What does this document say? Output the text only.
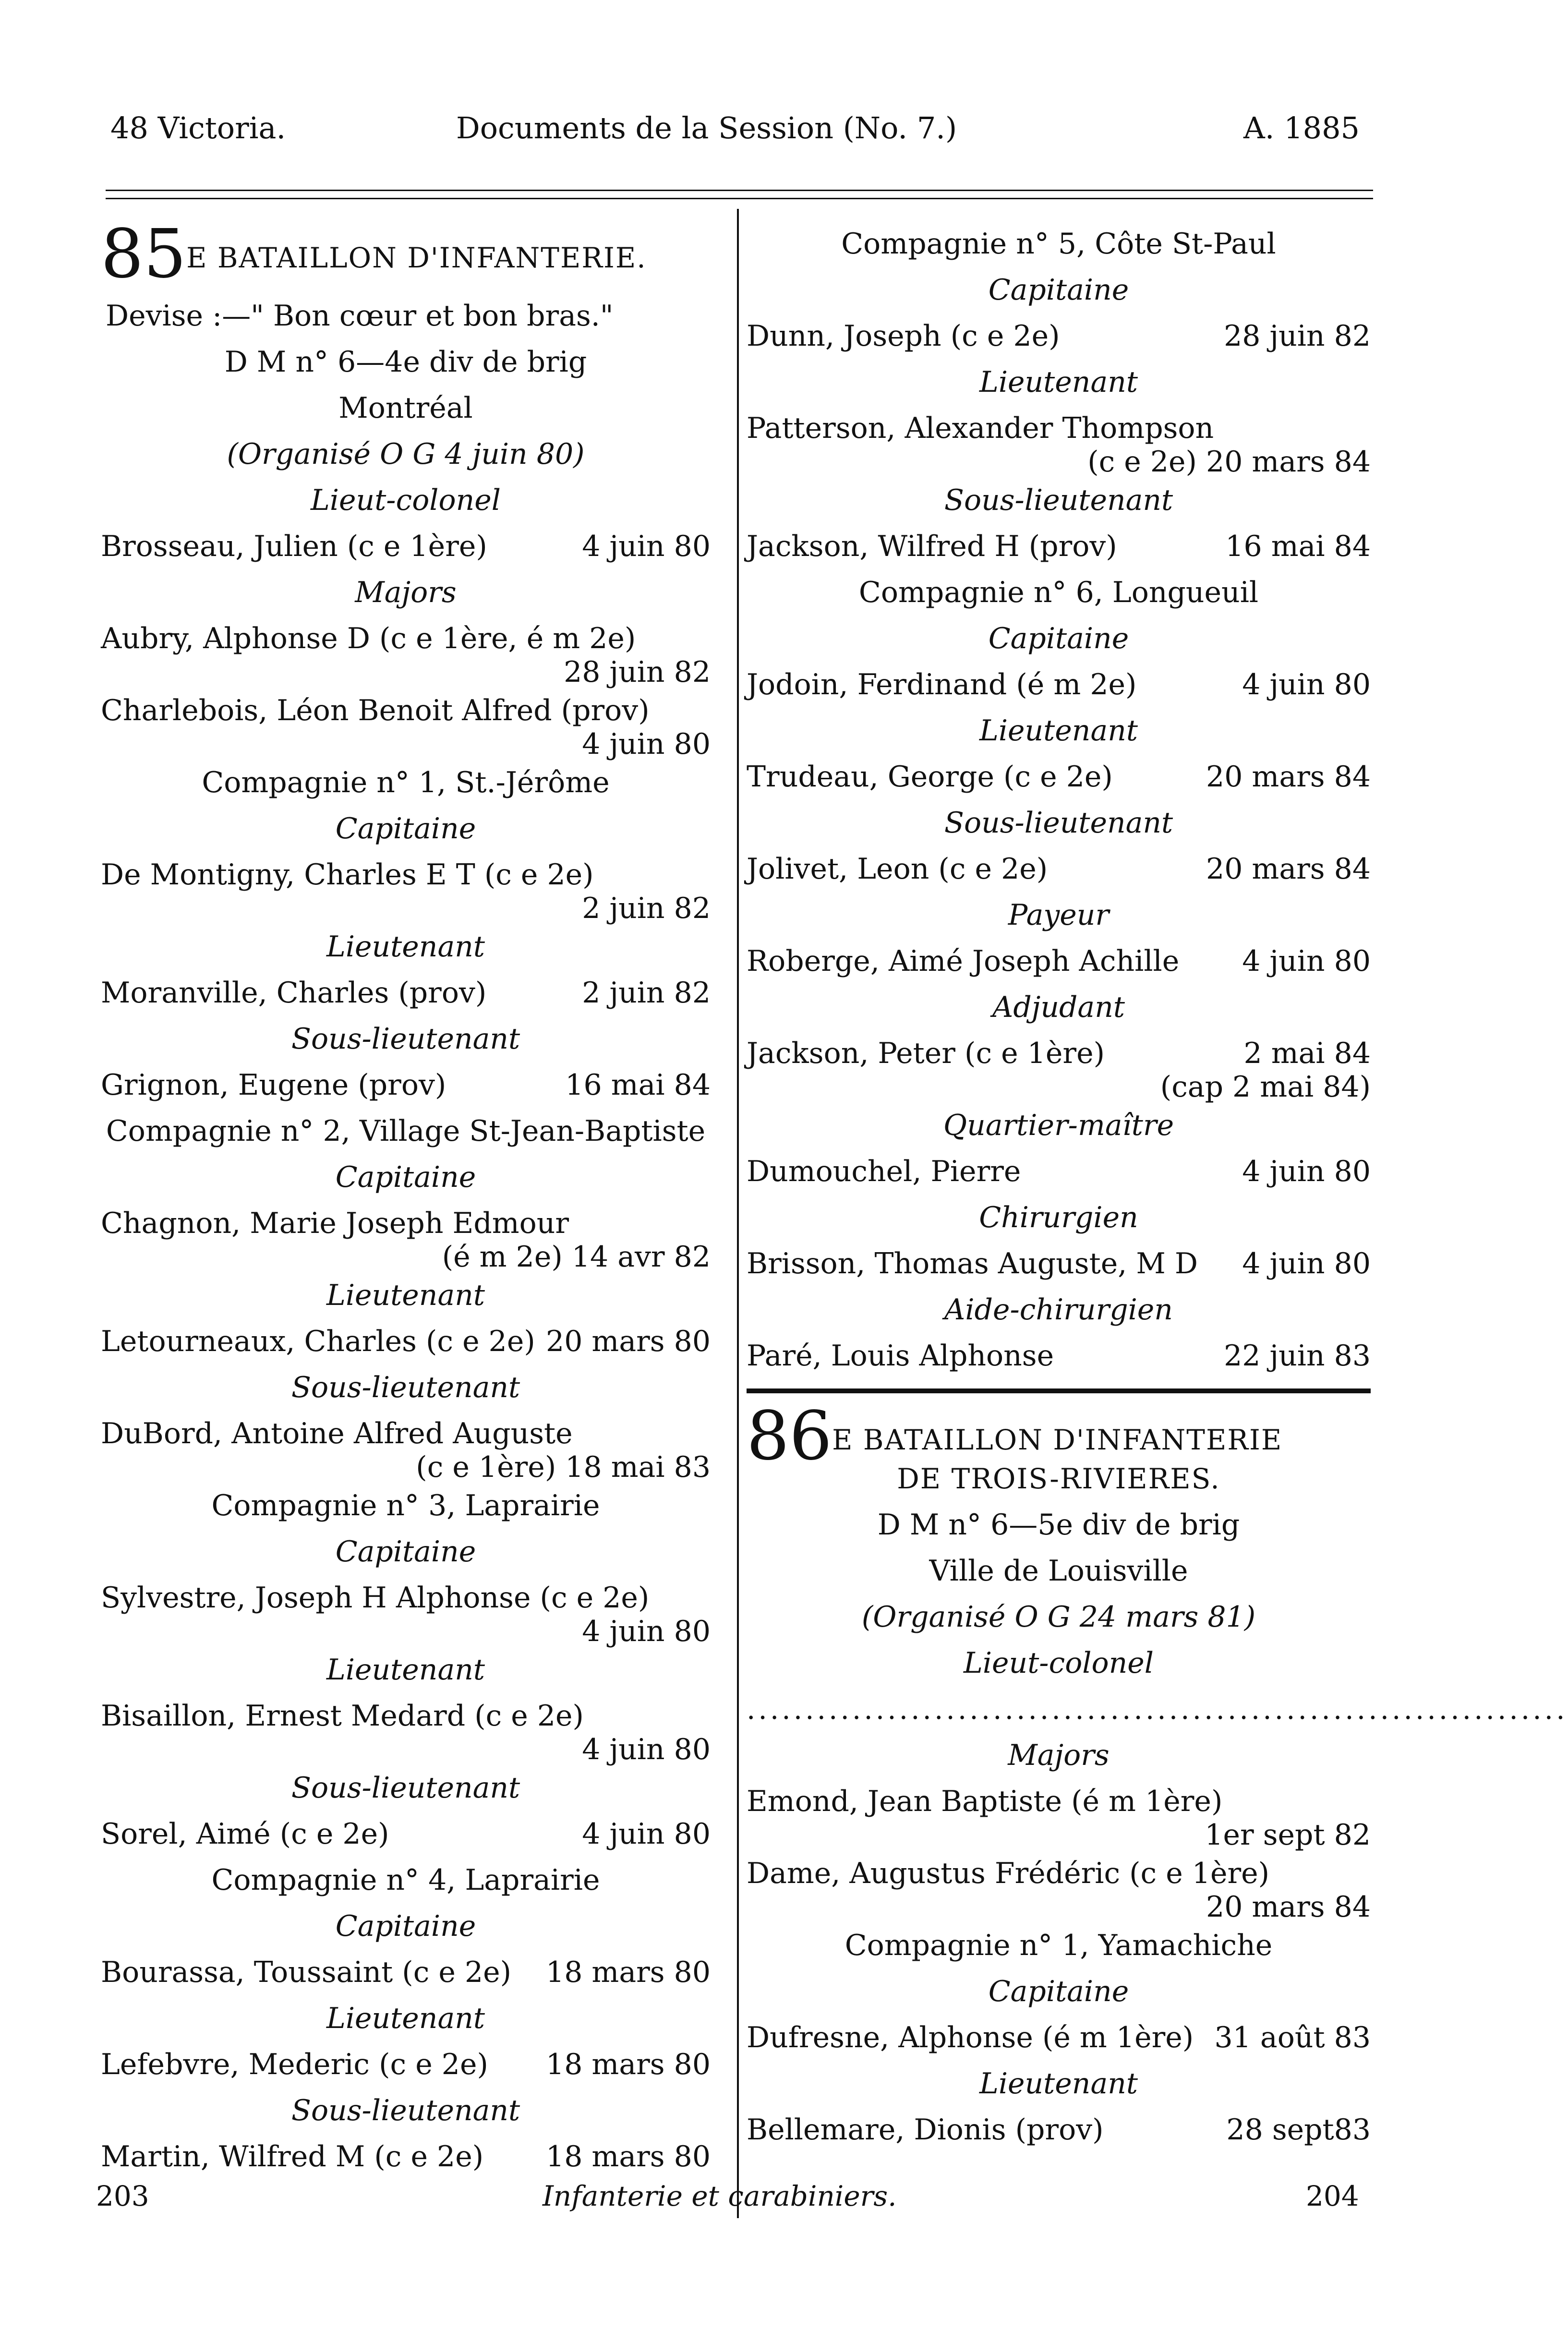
48 Victoria.	Documents de la Session (No. 7.)	A. 1885
85E BATAILLON D'INFANTERIE.
Devise :—" Bon cœur et bon bras."
D M n° 6—4e div de brig
Montréal
(Organisé O G 4 juin 80)
Lieut-colonel
Brosseau, Julien (c e 1ère)	4 juin 80
Majors
Aubry, Alphonse D (c e 1ère, é m 2e)
28 juin 82
Charlebois, Léon Benoit Alfred (prov)
4 juin 80
Compagnie n° 1, St.-Jérôme
Capitaine
De Montigny, Charles E T (c e 2e)
2 juin 82
Lieutenant
Moranville, Charles (prov)	2 juin 82
Sous-lieutenant
Grignon, Eugene (prov)	16 mai 84
Compagnie n° 2, Village St-Jean-Baptiste
Capitaine
Chagnon, Marie Joseph Edmour
(é m 2e) 14 avr 82
Lieutenant
Letourneaux, Charles (c e 2e) 20 mars 80
Sous-lieutenant
DuBord, Antoine Alfred Auguste
(c e 1ère) 18 mai 83
Compagnie n° 3, Laprairie
Capitaine
Sylvestre, Joseph H Alphonse (c e 2e)
4 juin 80
Lieutenant
Bisaillon, Ernest Medard (c e 2e)
4 juin 80
Sous-lieutenant
Sorel, Aimé (c e 2e)	4 juin 80
Compagnie n° 4, Laprairie
Capitaine
Bourassa, Toussaint (c e 2e) 18 mars 80
Lieutenant
Lefebvre, Mederic (c e 2e) 18 mars 80
Sous-lieutenant
Martin, Wilfred M (c e 2e) 18 mars 80
Compagnie n° 5, Côte St-Paul
Capitaine
Dunn, Joseph (c e 2e)	28 juin 82
Lieutenant
Patterson, Alexander Thompson
(c e 2e) 20 mars 84
Sous-lieutenant
Jackson, Wilfred H (prov)	16 mai 84
Compagnie n° 6, Longueuil
Capitaine
Jodoin, Ferdinand (é m 2e)	4 juin 80
Lieutenant
Trudeau, George (c e 2e)	20 mars 84
Sous-lieutenant
Jolivet, Leon (c e 2e)	20 mars 84
Payeur
Roberge, Aimé Joseph Achille 4 juin 80
Adjudant
Jackson, Peter (c e 1ère)	2 mai 84
(cap 2 mai 84)
Quartier-maître
Dumouchel, Pierre	4 juin 80
Chirurgien
Brisson, Thomas Auguste, M D 4 juin 80
Aide-chirurgien
Paré, Louis Alphonse	22 juin 83
86E BATAILLON D'INFANTERIE
DE TROIS-RIVIERES.
D M n° 6—5e div de brig
Ville de Louisville
(Organisé O G 24 mars 81)
Lieut-colonel
......................................................................
Majors
Emond, Jean Baptiste (é m 1ère)
1er sept 82
Dame, Augustus Frédéric (c e 1ère)
20 mars 84
Compagnie n° 1, Yamachiche
Capitaine
Dufresne, Alphonse (é m 1ère) 31 août 83
Lieutenant
Bellemare, Dionis (prov)	28 sept83
203	Infanterie et carabiniers.	204
